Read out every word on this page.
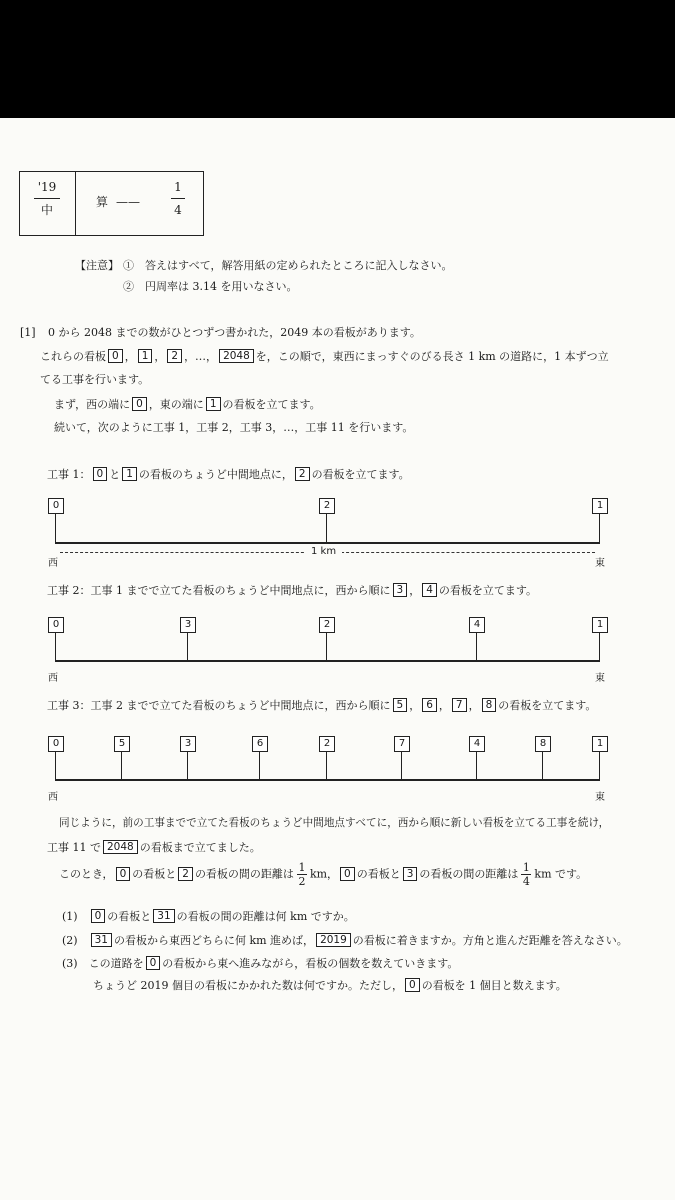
'19
中
算 ——
1
4
【注意】 ①　答えはすべて，解答用紙の定められたところに記入しなさい。
②　円周率は 3.14 を用いなさい。
[1] 0 から 2048 までの数がひとつずつ書かれた，2049 本の看板があります。
これらの看板 0 ， 1 ， 2 ，…， 2048 を，この順で，東西にまっすぐのびる長さ 1 km の道路に，1 本ずつ立
てる工事を行います。
まず，西の端に 0 ，東の端に 1 の看板を立てます。
続いて，次のように工事 1，工事 2，工事 3，…，工事 11 を行います。
工事 1： 0 と 1 の看板のちょうど中間地点に， 2 の看板を立てます。
0	2	1
1 km
西	東
工事 2：工事 1 までで立てた看板のちょうど中間地点に，西から順に 3 ， 4 の看板を立てます。
0	3	2	4	1
西	東
工事 3：工事 2 までで立てた看板のちょうど中間地点に，西から順に 5 ， 6 ， 7 ， 8 の看板を立てます。
0	5	3	6	2	7	4	8	1
西	東
同じように，前の工事までで立てた看板のちょうど中間地点すべてに，西から順に新しい看板を立てる工事を続け，
工事 11 で 2048 の看板まで立てました。
このとき， 0 の看板と 2 の看板の間の距離は $\frac{1}{2}$ km， 0 の看板と 3 の看板の間の距離は $\frac{1}{4}$ km です。
(1)　 0 の看板と 31 の看板の間の距離は何 km ですか。
(2)　 31 の看板から東西どちらに何 km 進めば， 2019 の看板に着きますか。方角と進んだ距離を答えなさい。
(3)　 この道路を 0 の看板から東へ進みながら，看板の個数を数えていきます。
ちょうど 2019 個目の看板にかかれた数は何ですか。ただし， 0 の看板を 1 個目と数えます。
